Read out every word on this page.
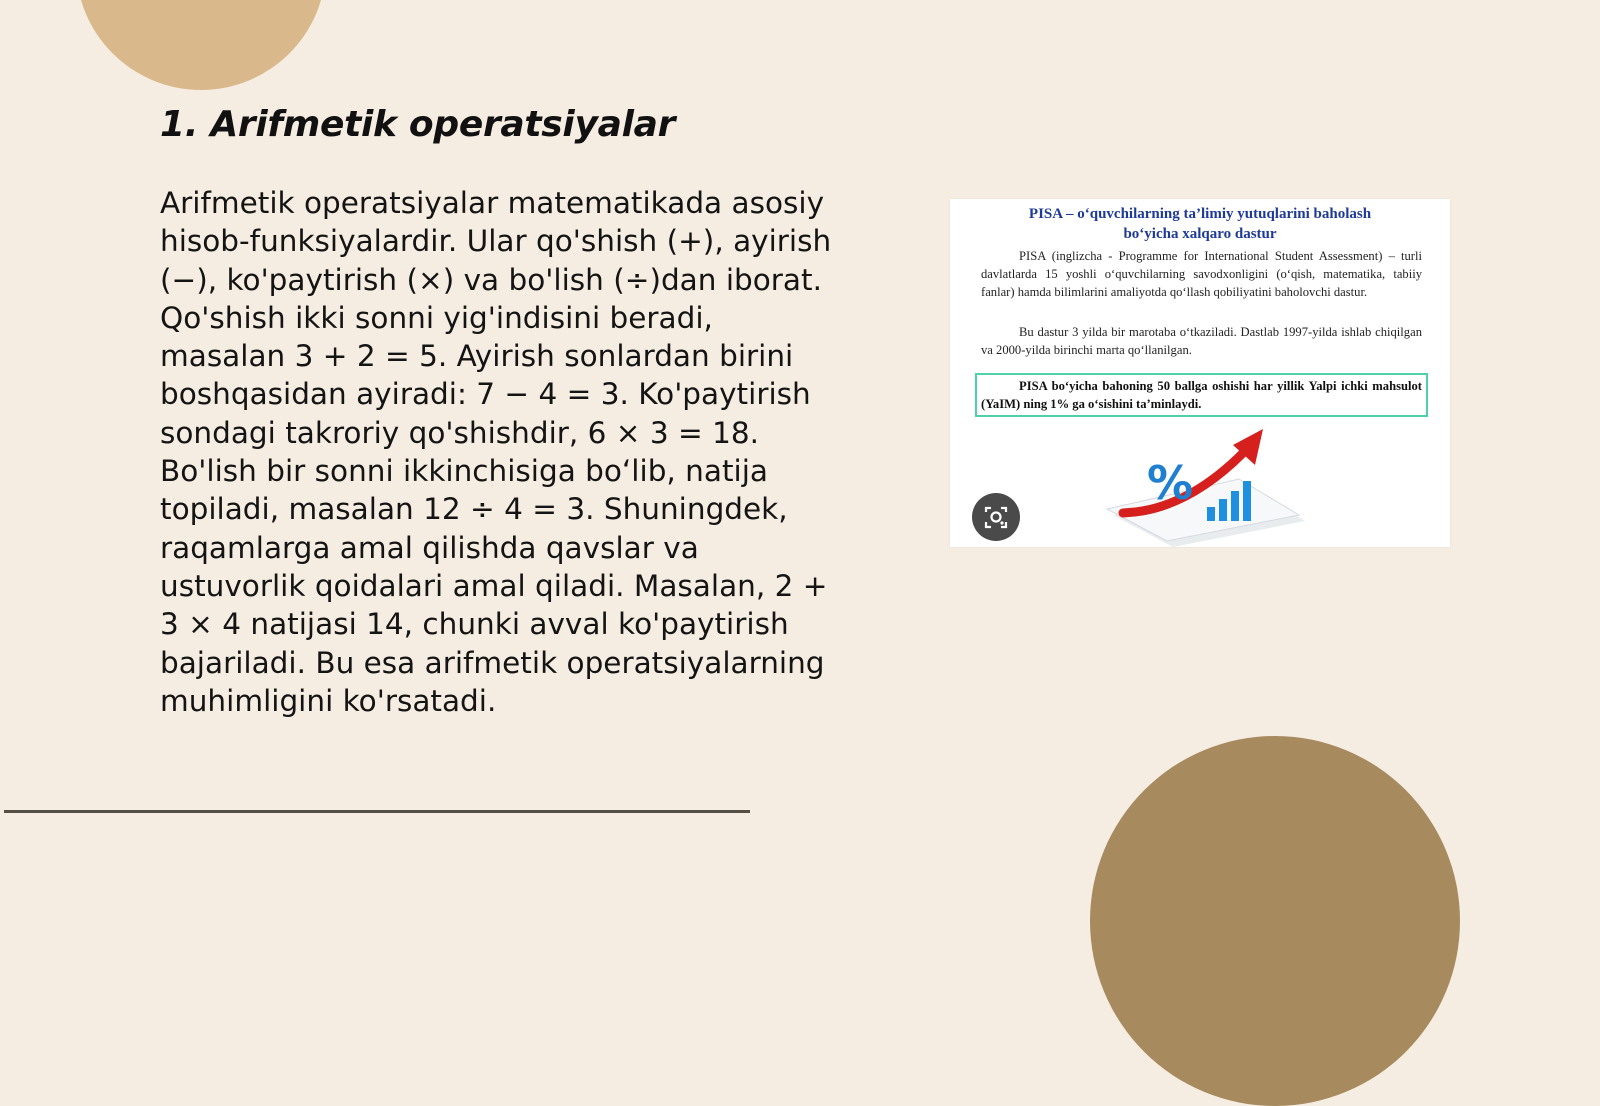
1. Arifmetik operatsiyalar
Arifmetik operatsiyalar matematikada asosiy
hisob-funksiyalardir. Ular qo'shish (+), ayirish
(−), ko'paytirish (×) va bo'lish (÷)dan iborat.
Qo'shish ikki sonni yig'indisini beradi,
masalan 3 + 2 = 5. Ayirish sonlardan birini
boshqasidan ayiradi: 7 − 4 = 3. Ko'paytirish
sondagi takroriy qo'shishdir, 6 × 3 = 18.
Bo'lish bir sonni ikkinchisiga bo‘lib, natija
topiladi, masalan 12 ÷ 4 = 3. Shuningdek,
raqamlarga amal qilishda qavslar va
ustuvorlik qoidalari amal qiladi. Masalan, 2 +
3 × 4 natijasi 14, chunki avval ko'paytirish
bajariladi. Bu esa arifmetik operatsiyalarning
muhimligini ko'rsatadi.
PISA – o‘quvchilarning ta’limiy yutuqlarini baholash
bo‘yicha xalqaro dastur

PISA (inglizcha - Programme for International Student Assessment) – turli davlatlarda 15 yoshli o‘quvchilarning savodxonligini (o‘qish, matematika, tabiiy fanlar) hamda bilimlarini amaliyotda qo‘llash qobiliyatini baholovchi dastur.

Bu dastur 3 yilda bir marotaba o‘tkaziladi. Dastlab 1997-yilda ishlab chiqilgan va 2000-yilda birinchi marta qo‘llanilgan.

PISA bo‘yicha bahoning 50 ballga oshishi har yillik Yalpi ichki mahsulot (YaIM) ning 1% ga o‘sishini ta’minlaydi.
%
